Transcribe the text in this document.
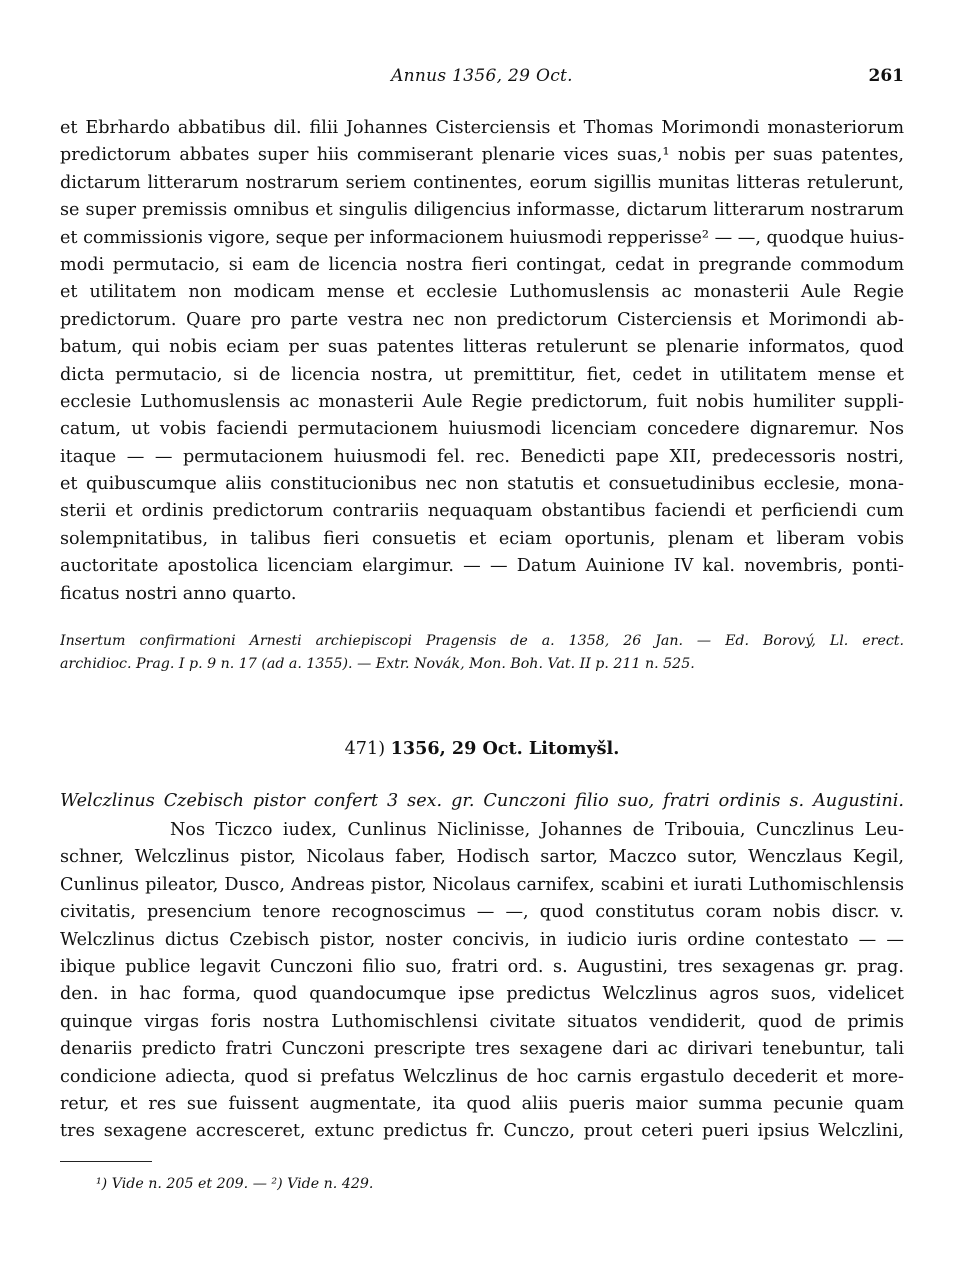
Annus 1356, 29 Oct.	261
et Ebrhardo abbatibus dil. filii Johannes Cisterciensis et Thomas Morimondi monasteriorum
predictorum abbates super hiis commiserant plenarie vices suas,¹ nobis per suas patentes,
dictarum litterarum nostrarum seriem continentes, eorum sigillis munitas litteras retulerunt,
se super premissis omnibus et singulis diligencius informasse, dictarum litterarum nostrarum
et commissionis vigore, seque per informacionem huiusmodi repperisse² — —, quodque huius-
modi permutacio, si eam de licencia nostra fieri contingat, cedat in pregrande commodum
et utilitatem non modicam mense et ecclesie Luthomuslensis ac monasterii Aule Regie
predictorum. Quare pro parte vestra nec non predictorum Cisterciensis et Morimondi ab-
batum, qui nobis eciam per suas patentes litteras retulerunt se plenarie informatos, quod
dicta permutacio, si de licencia nostra, ut premittitur, fiet, cedet in utilitatem mense et
ecclesie Luthomuslensis ac monasterii Aule Regie predictorum, fuit nobis humiliter suppli-
catum, ut vobis faciendi permutacionem huiusmodi licenciam concedere dignaremur. Nos
itaque — — permutacionem huiusmodi fel. rec. Benedicti pape XII, predecessoris nostri,
et quibuscumque aliis constitucionibus nec non statutis et consuetudinibus ecclesie, mona-
sterii et ordinis predictorum contrariis nequaquam obstantibus faciendi et perficiendi cum
solempnitatibus, in talibus fieri consuetis et eciam oportunis, plenam et liberam vobis
auctoritate apostolica licenciam elargimur. — — Datum Auinione IV kal. novembris, ponti-
ficatus nostri anno quarto.
Insertum confirmationi Arnesti archiepiscopi Pragensis de a. 1358, 26 Jan. — Ed. Borový, Ll. erect.
archidioc. Prag. I p. 9 n. 17 (ad a. 1355). — Extr. Novák, Mon. Boh. Vat. II p. 211 n. 525.
471) 1356, 29 Oct. Litomyšl.
Welczlinus Czebisch pistor confert 3 sex. gr. Cunczoni filio suo, fratri ordinis s. Augustini.
Nos Ticzco iudex, Cunlinus Niclinisse, Johannes de Tribouia, Cunczlinus Leu-
schner, Welczlinus pistor, Nicolaus faber, Hodisch sartor, Maczco sutor, Wenczlaus Kegil,
Cunlinus pileator, Dusco, Andreas pistor, Nicolaus carnifex, scabini et iurati Luthomischlensis
civitatis, presencium tenore recognoscimus — —, quod constitutus coram nobis discr. v.
Welczlinus dictus Czebisch pistor, noster concivis, in iudicio iuris ordine contestato — —
ibique publice legavit Cunczoni filio suo, fratri ord. s. Augustini, tres sexagenas gr. prag.
den. in hac forma, quod quandocumque ipse predictus Welczlinus agros suos, videlicet
quinque virgas foris nostra Luthomischlensi civitate situatos vendiderit, quod de primis
denariis predicto fratri Cunczoni prescripte tres sexagene dari ac dirivari tenebuntur, tali
condicione adiecta, quod si prefatus Welczlinus de hoc carnis ergastulo decederit et more-
retur, et res sue fuissent augmentate, ita quod aliis pueris maior summa pecunie quam
tres sexagene accresceret, extunc predictus fr. Cunczo, prout ceteri pueri ipsius Welczlini,
¹) Vide n. 205 et 209. — ²) Vide n. 429.
